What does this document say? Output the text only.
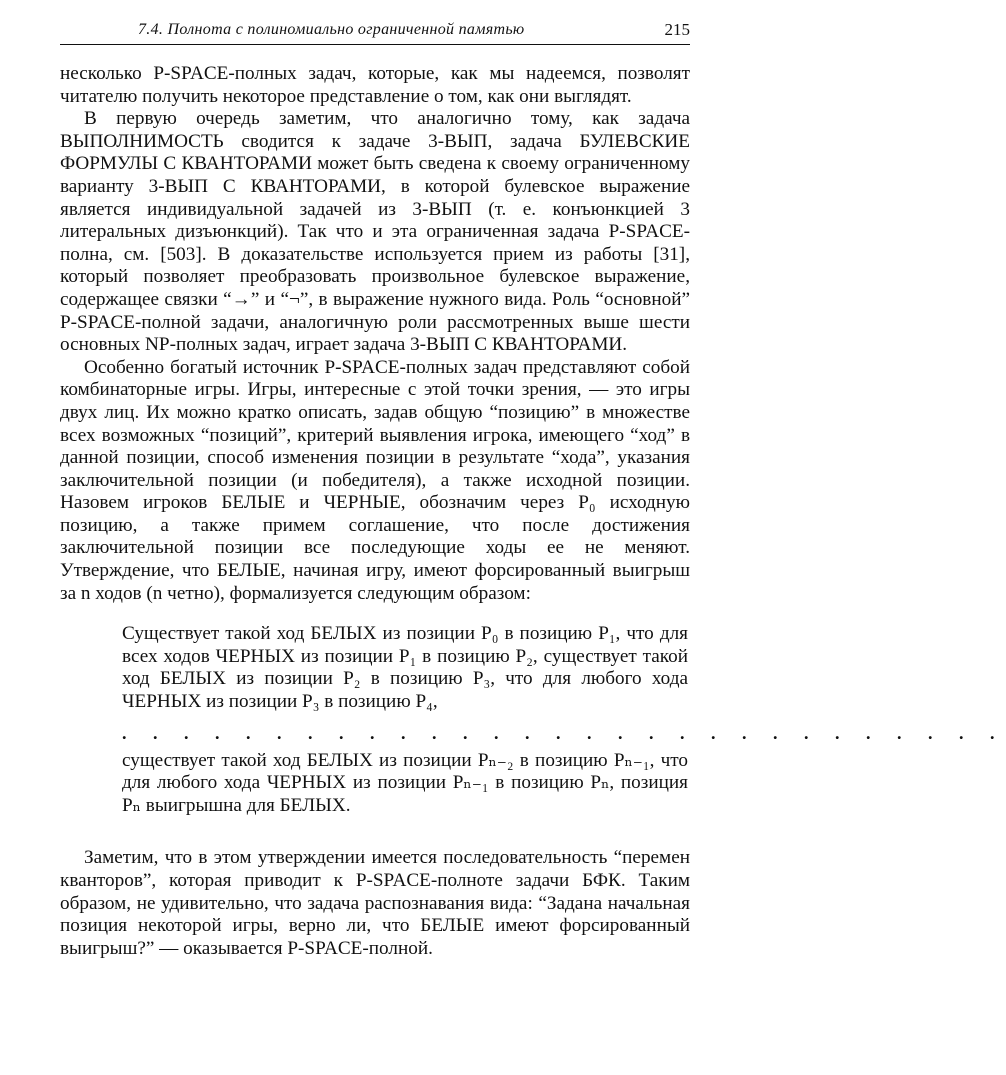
7.4. Полнота с полиномиально ограниченной памятью	215

несколько P-SPACE-полных задач, которые, как мы надеемся, позволят читателю получить некоторое представление о том, как они выглядят.

В первую очередь заметим, что аналогично тому, как задача ВЫПОЛНИМОСТЬ сводится к задаче 3-ВЫП, задача БУЛЕВСКИЕ ФОРМУЛЫ С КВАНТОРАМИ может быть сведена к своему ограниченному варианту 3-ВЫП С КВАНТОРАМИ, в которой булевское выражение является индивидуальной задачей из 3-ВЫП (т. е. конъюнкцией 3 литеральных дизъюнкций). Так что и эта ограниченная задача P-SPACE-полна, см. [503]. В доказательстве используется прием из работы [31], который позволяет преобразовать произвольное булевское выражение, содержащее связки “→” и “¬”, в выражение нужного вида. Роль “основной” P-SPACE-полной задачи, аналогичную роли рассмотренных выше шести основных NP-полных задач, играет задача 3-ВЫП С КВАНТОРАМИ.

Особенно богатый источник P-SPACE-полных задач представляют собой комбинаторные игры. Игры, интересные с этой точки зрения, — это игры двух лиц. Их можно кратко описать, задав общую “позицию” в множестве всех возможных “позиций”, критерий выявления игрока, имеющего “ход” в данной позиции, способ изменения позиции в результате “хода”, указания заключительной позиции (и победителя), а также исходной позиции. Назовем игроков БЕЛЫЕ и ЧЕРНЫЕ, обозначим через P₀ исходную позицию, а также примем соглашение, что после достижения заключительной позиции все последующие ходы ее не меняют. Утверждение, что БЕЛЫЕ, начиная игру, имеют форсированный выигрыш за n ходов (n четно), формализуется следующим образом:

Существует такой ход БЕЛЫХ из позиции P₀ в позицию P₁, что для всех ходов ЧЕРНЫХ из позиции P₁ в позицию P₂, существует такой ход БЕЛЫХ из позиции P₂ в позицию P₃, что для любого хода ЧЕРНЫХ из позиции P₃ в позицию P₄,
. . . . . . . . . . . . . . . . . . . . . . . . . . . . .
существует такой ход БЕЛЫХ из позиции Pₙ₋₂ в позицию Pₙ₋₁, что для любого хода ЧЕРНЫХ из позиции Pₙ₋₁ в позицию Pₙ, позиция Pₙ выигрышна для БЕЛЫХ.

Заметим, что в этом утверждении имеется последовательность “перемен кванторов”, которая приводит к P-SPACE-полноте задачи БФК. Таким образом, не удивительно, что задача распознавания вида: “Задана начальная позиция некоторой игры, верно ли, что БЕЛЫЕ имеют форсированный выигрыш?” — оказывается P-SPACE-полной.
